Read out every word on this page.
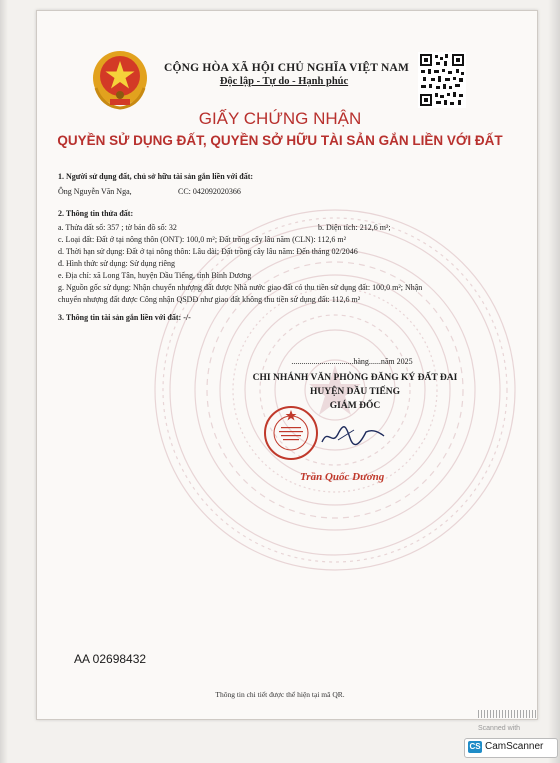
CỘNG HÒA XÃ HỘI CHỦ NGHĨA VIỆT NAM
Độc lập - Tự do - Hạnh phúc
GIẤY CHỨNG NHẬN
QUYỀN SỬ DỤNG ĐẤT, QUYỀN SỞ HỮU TÀI SẢN GẮN LIỀN VỚI ĐẤT
1. Người sử dụng đất, chủ sở hữu tài sản gắn liền với đất:
Ông Nguyễn Văn Nga,	CC: 042092020366
2. Thông tin thửa đất:
a. Thửa đất số: 357 ; tờ bản đồ số: 32	b. Diện tích: 212,6 m²;
c. Loại đất: Đất ở tại nông thôn (ONT): 100,0 m²; Đất trồng cây lâu năm (CLN): 112,6 m²
d. Thời hạn sử dụng: Đất ở tại nông thôn: Lâu dài; Đất trồng cây lâu năm: Đến tháng 02/2046
đ. Hình thức sử dụng: Sử dụng riêng
e. Địa chỉ: xã Long Tân, huyện Dầu Tiếng, tỉnh Bình Dương
g. Nguồn gốc sử dụng: Nhận chuyển nhượng đất được Nhà nước giao đất có thu tiền sử dụng đất: 100,0 m²; Nhận
chuyển nhượng đất được Công nhận QSDĐ như giao đất không thu tiền sử dụng đất: 112,6 m²
3. Thông tin tài sản gắn liền với đất: -/-
...............................hàng......năm 2025
CHI NHÁNH VĂN PHÒNG ĐĂNG KÝ ĐẤT ĐAI
HUYỆN DẦU TIẾNG
GIÁM ĐỐC
Trần Quốc Dương
AA 02698432
Thông tin chi tiết được thể hiện tại mã QR.
Scanned with
CS CamScanner
